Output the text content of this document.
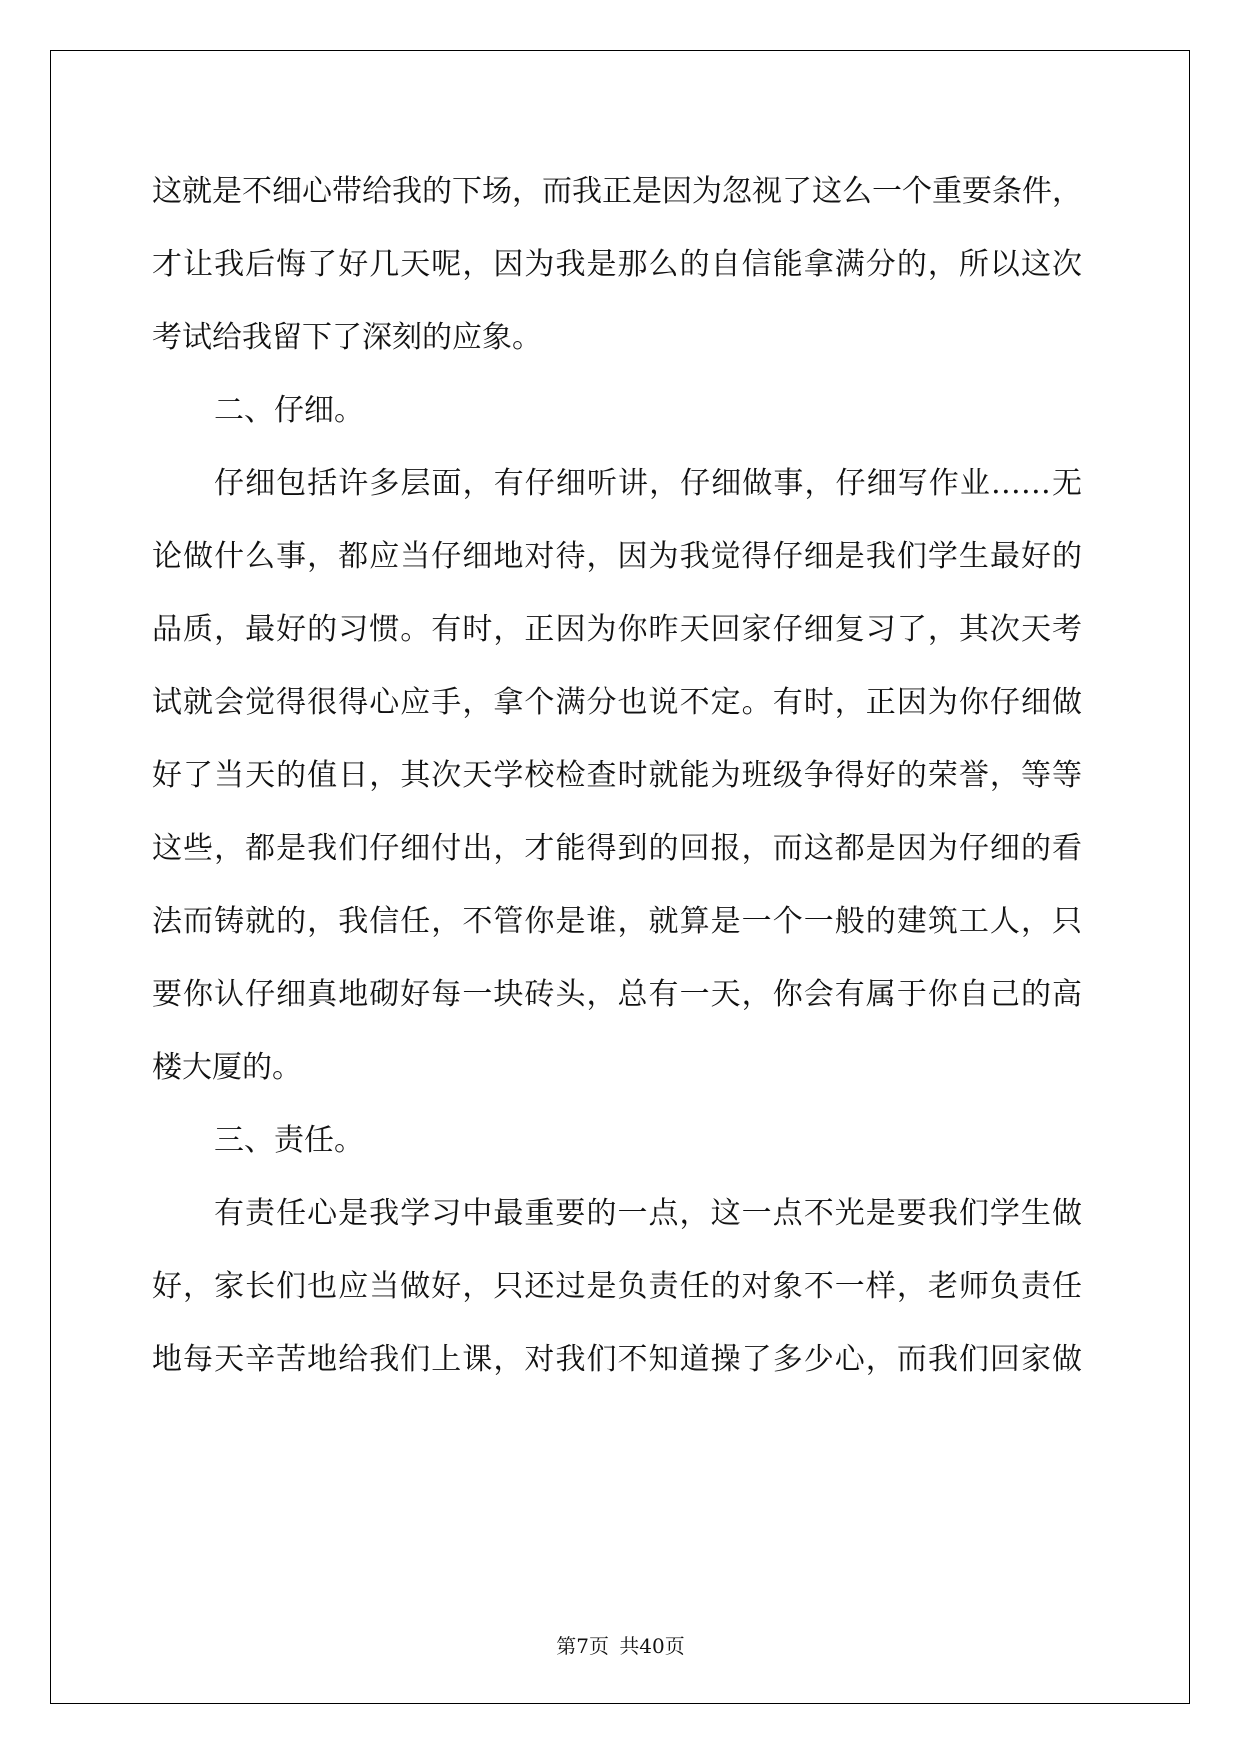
这就是不细心带给我的下场，而我正是因为忽视了这么一个重要条件，
才让我后悔了好几天呢，因为我是那么的自信能拿满分的，所以这次
考试给我留下了深刻的应象。
二、仔细。
仔细包括许多层面，有仔细听讲，仔细做事，仔细写作业……无
论做什么事，都应当仔细地对待，因为我觉得仔细是我们学生最好的
品质，最好的习惯。有时，正因为你昨天回家仔细复习了，其次天考
试就会觉得很得心应手，拿个满分也说不定。有时，正因为你仔细做
好了当天的值日，其次天学校检查时就能为班级争得好的荣誉，等等
这些，都是我们仔细付出，才能得到的回报，而这都是因为仔细的看
法而铸就的，我信任，不管你是谁，就算是一个一般的建筑工人，只
要你认仔细真地砌好每一块砖头，总有一天，你会有属于你自己的高
楼大厦的。
三、责任。
有责任心是我学习中最重要的一点，这一点不光是要我们学生做
好，家长们也应当做好，只还过是负责任的对象不一样，老师负责任
地每天辛苦地给我们上课，对我们不知道操了多少心，而我们回家做
第7页 共40页
